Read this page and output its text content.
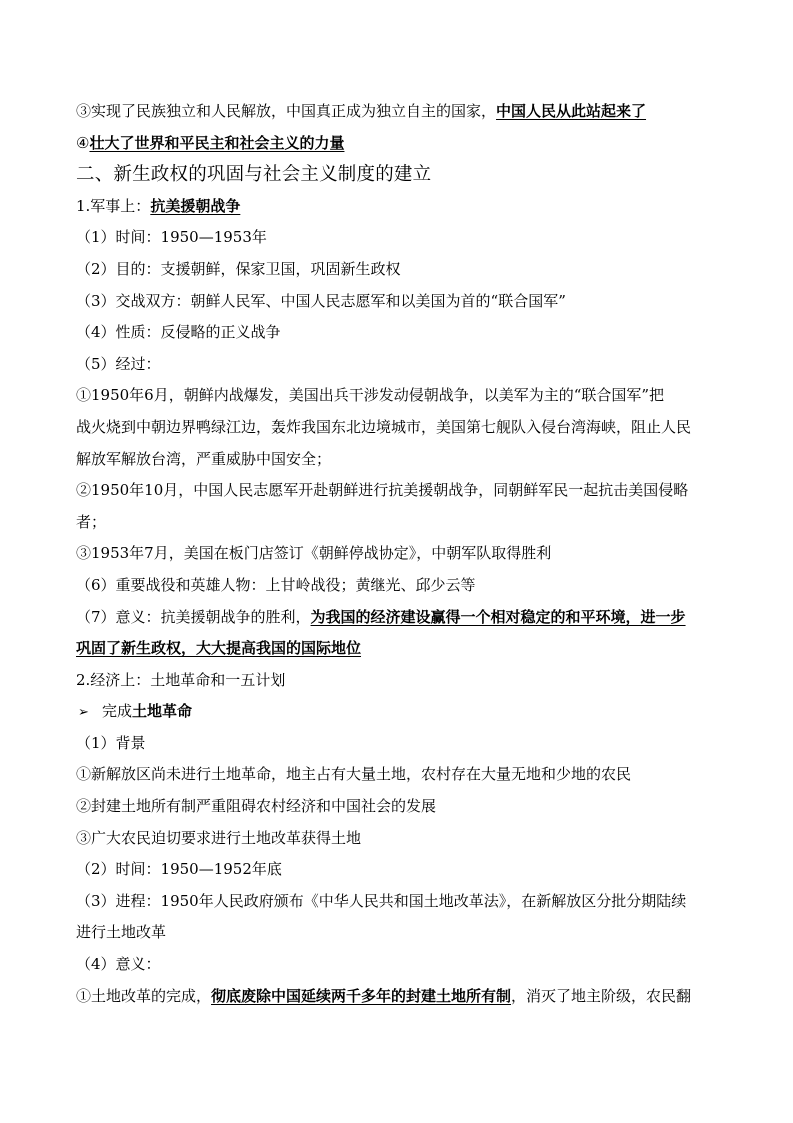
③实现了民族独立和人民解放，中国真正成为独立自主的国家，中国人民从此站起来了
④壮大了世界和平民主和社会主义的力量
二、新生政权的巩固与社会主义制度的建立
1.军事上：抗美援朝战争
（1）时间：1950—1953年
（2）目的：支援朝鲜，保家卫国，巩固新生政权
（3）交战双方：朝鲜人民军、中国人民志愿军和以美国为首的“联合国军”
（4）性质：反侵略的正义战争
（5）经过：
①1950年6月，朝鲜内战爆发，美国出兵干涉发动侵朝战争，以美军为主的“联合国军”把
战火烧到中朝边界鸭绿江边，轰炸我国东北边境城市，美国第七舰队入侵台湾海峡，阻止人民
解放军解放台湾，严重威胁中国安全；
②1950年10月，中国人民志愿军开赴朝鲜进行抗美援朝战争，同朝鲜军民一起抗击美国侵略
者；
③1953年7月，美国在板门店签订《朝鲜停战协定》，中朝军队取得胜利
（6）重要战役和英雄人物：上甘岭战役；黄继光、邱少云等
（7）意义：抗美援朝战争的胜利，为我国的经济建设赢得一个相对稳定的和平环境，进一步
巩固了新生政权，大大提高我国的国际地位
2.经济上：土地革命和一五计划
➢ 完成土地革命
（1）背景
①新解放区尚未进行土地革命，地主占有大量土地，农村存在大量无地和少地的农民
②封建土地所有制严重阻碍农村经济和中国社会的发展
③广大农民迫切要求进行土地改革获得土地
（2）时间：1950—1952年底
（3）进程：1950年人民政府颁布《中华人民共和国土地改革法》，在新解放区分批分期陆续
进行土地改革
（4）意义：
①土地改革的完成，彻底废除中国延续两千多年的封建土地所有制，消灭了地主阶级，农民翻
